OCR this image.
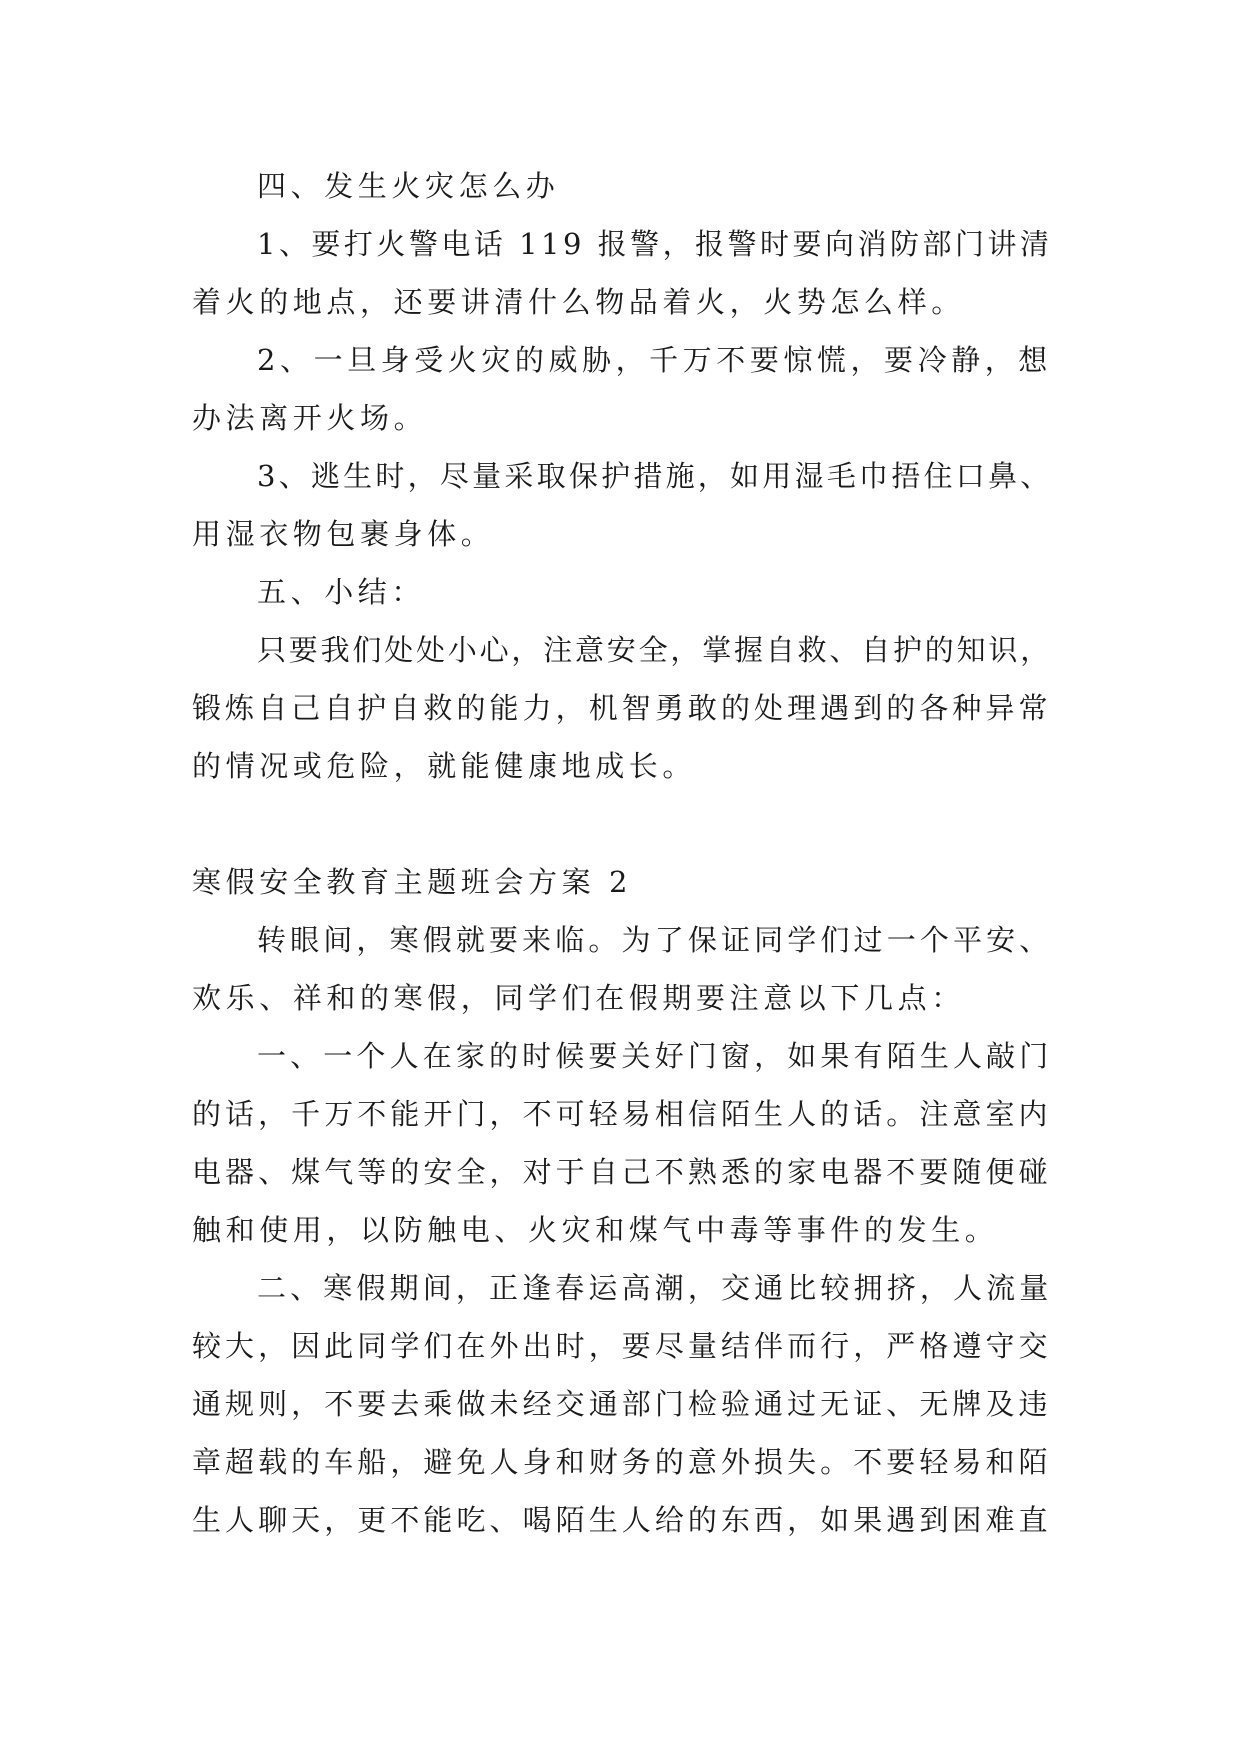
四、发生火灾怎么办
1、要打火警电话 119 报警，报警时要向消防部门讲清
着火的地点，还要讲清什么物品着火，火势怎么样。
2、一旦身受火灾的威胁，千万不要惊慌，要冷静，想
办法离开火场。
3、逃生时，尽量采取保护措施，如用湿毛巾捂住口鼻、
用湿衣物包裹身体。
五、小结：
只要我们处处小心，注意安全，掌握自救、自护的知识，
锻炼自己自护自救的能力，机智勇敢的处理遇到的各种异常
的情况或危险，就能健康地成长。
寒假安全教育主题班会方案 2
转眼间，寒假就要来临。为了保证同学们过一个平安、
欢乐、祥和的寒假，同学们在假期要注意以下几点：
一、一个人在家的时候要关好门窗，如果有陌生人敲门
的话，千万不能开门，不可轻易相信陌生人的话。注意室内
电器、煤气等的安全，对于自己不熟悉的家电器不要随便碰
触和使用，以防触电、火灾和煤气中毒等事件的发生。
二、寒假期间，正逢春运高潮，交通比较拥挤，人流量
较大，因此同学们在外出时，要尽量结伴而行，严格遵守交
通规则，不要去乘做未经交通部门检验通过无证、无牌及违
章超载的车船，避免人身和财务的意外损失。不要轻易和陌
生人聊天，更不能吃、喝陌生人给的东西，如果遇到困难直
